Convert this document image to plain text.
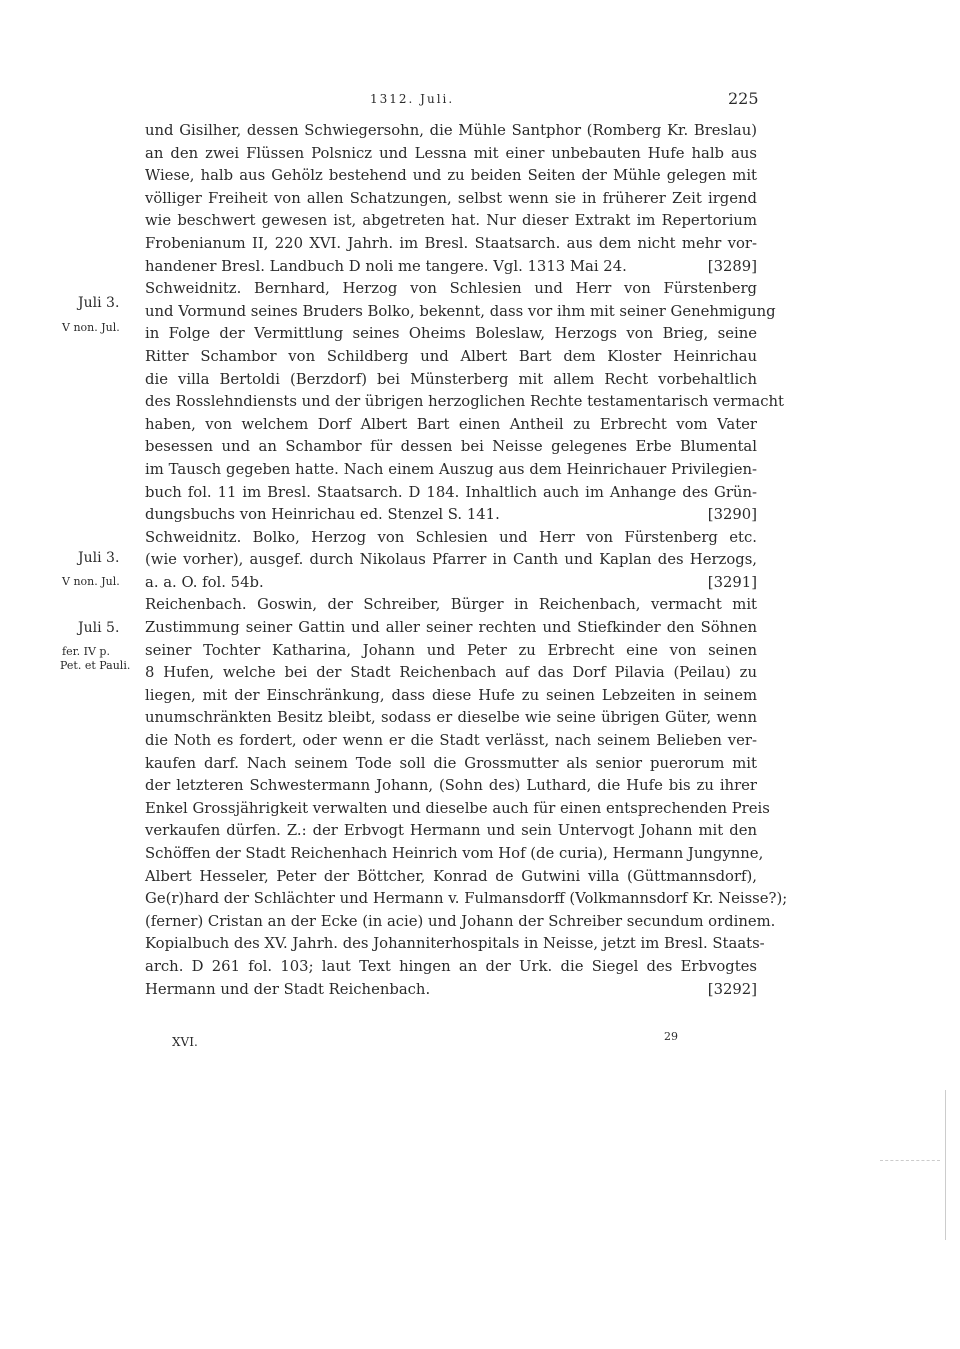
1312. Juli.	225
Juli 3.
V non. Jul.
Juli 3.
V non. Jul.
Juli 5.
fer. IV p.
Pet. et Pauli.
und Gisilher, dessen Schwiegersohn, die Mühle Santphor (Romberg Kr. Breslau)
an den zwei Flüssen Polsnicz und Lessna mit einer unbebauten Hufe halb aus
Wiese, halb aus Gehölz bestehend und zu beiden Seiten der Mühle gelegen mit
völliger Freiheit von allen Schatzungen, selbst wenn sie in früherer Zeit irgend
wie beschwert gewesen ist, abgetreten hat. Nur dieser Extrakt im Repertorium
Frobenianum II, 220 XVI. Jahrh. im Bresl. Staatsarch. aus dem nicht mehr vor-
handener Bresl. Landbuch D noli me tangere. Vgl. 1313 Mai 24.	[3289]
Schweidnitz. Bernhard, Herzog von Schlesien und Herr von Fürstenberg
und Vormund seines Bruders Bolko, bekennt, dass vor ihm mit seiner Genehmigung
in Folge der Vermittlung seines Oheims Boleslaw, Herzogs von Brieg, seine
Ritter Schambor von Schildberg und Albert Bart dem Kloster Heinrichau
die villa Bertoldi (Berzdorf) bei Münsterberg mit allem Recht vorbehaltlich
des Rosslehndiensts und der übrigen herzoglichen Rechte testamentarisch vermacht
haben, von welchem Dorf Albert Bart einen Antheil zu Erbrecht vom Vater
besessen und an Schambor für dessen bei Neisse gelegenes Erbe Blumental
im Tausch gegeben hatte. Nach einem Auszug aus dem Heinrichauer Privilegien-
buch fol. 11 im Bresl. Staatsarch. D 184. Inhaltlich auch im Anhange des Grün-
dungsbuchs von Heinrichau ed. Stenzel S. 141.	[3290]
Schweidnitz. Bolko, Herzog von Schlesien und Herr von Fürstenberg etc.
(wie vorher), ausgef. durch Nikolaus Pfarrer in Canth und Kaplan des Herzogs,
a. a. O. fol. 54b.	[3291]
Reichenbach. Goswin, der Schreiber, Bürger in Reichenbach, vermacht mit
Zustimmung seiner Gattin und aller seiner rechten und Stiefkinder den Söhnen
seiner Tochter Katharina, Johann und Peter zu Erbrecht eine von seinen
8 Hufen, welche bei der Stadt Reichenbach auf das Dorf Pilavia (Peilau) zu
liegen, mit der Einschränkung, dass diese Hufe zu seinen Lebzeiten in seinem
unumschränkten Besitz bleibt, sodass er dieselbe wie seine übrigen Güter, wenn
die Noth es fordert, oder wenn er die Stadt verlässt, nach seinem Belieben ver-
kaufen darf. Nach seinem Tode soll die Grossmutter als senior puerorum mit
der letzteren Schwestermann Johann, (Sohn des) Luthard, die Hufe bis zu ihrer
Enkel Grossjährigkeit verwalten und dieselbe auch für einen entsprechenden Preis
verkaufen dürfen. Z.: der Erbvogt Hermann und sein Untervogt Johann mit den
Schöffen der Stadt Reichenhach Heinrich vom Hof (de curia), Hermann Jungynne,
Albert Hesseler, Peter der Böttcher, Konrad de Gutwini villa (Güttmannsdorf),
Ge(r)hard der Schlächter und Hermann v. Fulmansdorff (Volkmannsdorf Kr. Neisse?);
(ferner) Cristan an der Ecke (in acie) und Johann der Schreiber secundum ordinem.
Kopialbuch des XV. Jahrh. des Johanniterhospitals in Neisse, jetzt im Bresl. Staats-
arch. D 261 fol. 103; laut Text hingen an der Urk. die Siegel des Erbvogtes
Hermann und der Stadt Reichenbach.	[3292]
XVI.	29
